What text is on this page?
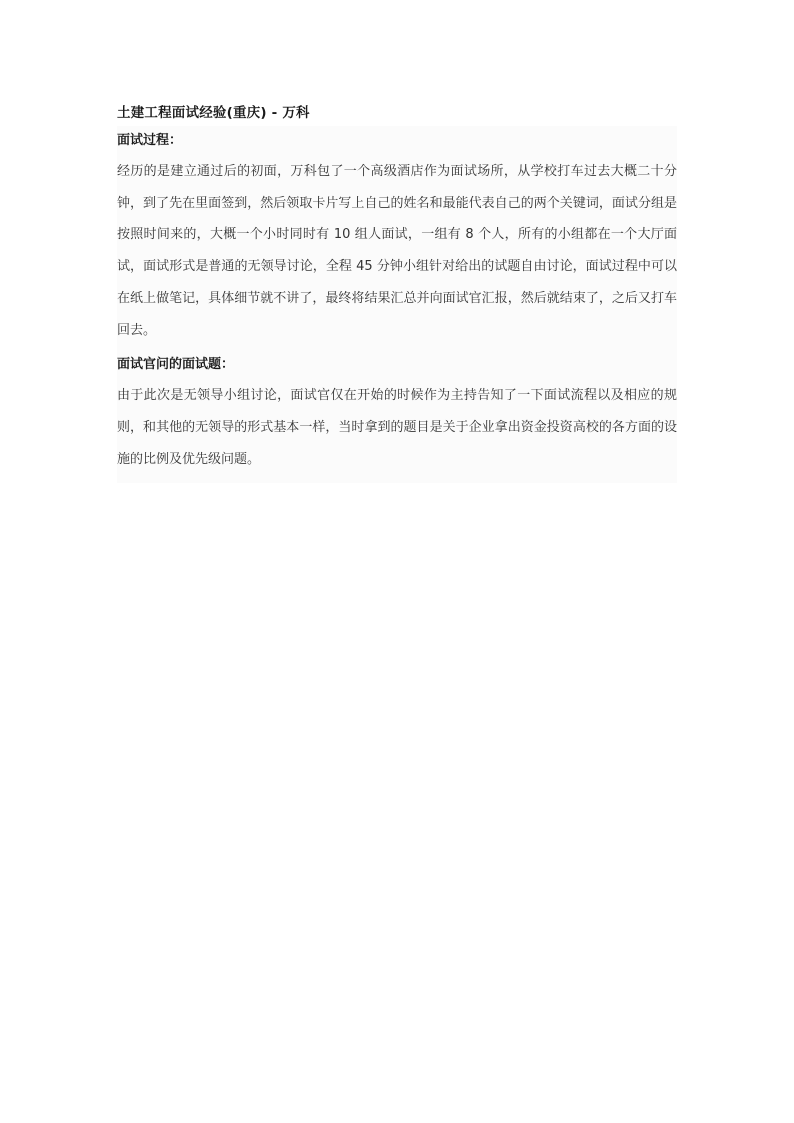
土建工程面试经验(重庆) - 万科
面试过程：

经历的是建立通过后的初面，万科包了一个高级酒店作为面试场所，从学校打车过去大概二十分钟，到了先在里面签到，然后领取卡片写上自己的姓名和最能代表自己的两个关键词，面试分组是按照时间来的，大概一个小时同时有 10 组人面试，一组有 8 个人，所有的小组都在一个大厅面试，面试形式是普通的无领导讨论，全程 45 分钟小组针对给出的试题自由讨论，面试过程中可以在纸上做笔记，具体细节就不讲了，最终将结果汇总并向面试官汇报，然后就结束了，之后又打车回去。

面试官问的面试题：

由于此次是无领导小组讨论，面试官仅在开始的时候作为主持告知了一下面试流程以及相应的规则，和其他的无领导的形式基本一样，当时拿到的题目是关于企业拿出资金投资高校的各方面的设施的比例及优先级问题。
